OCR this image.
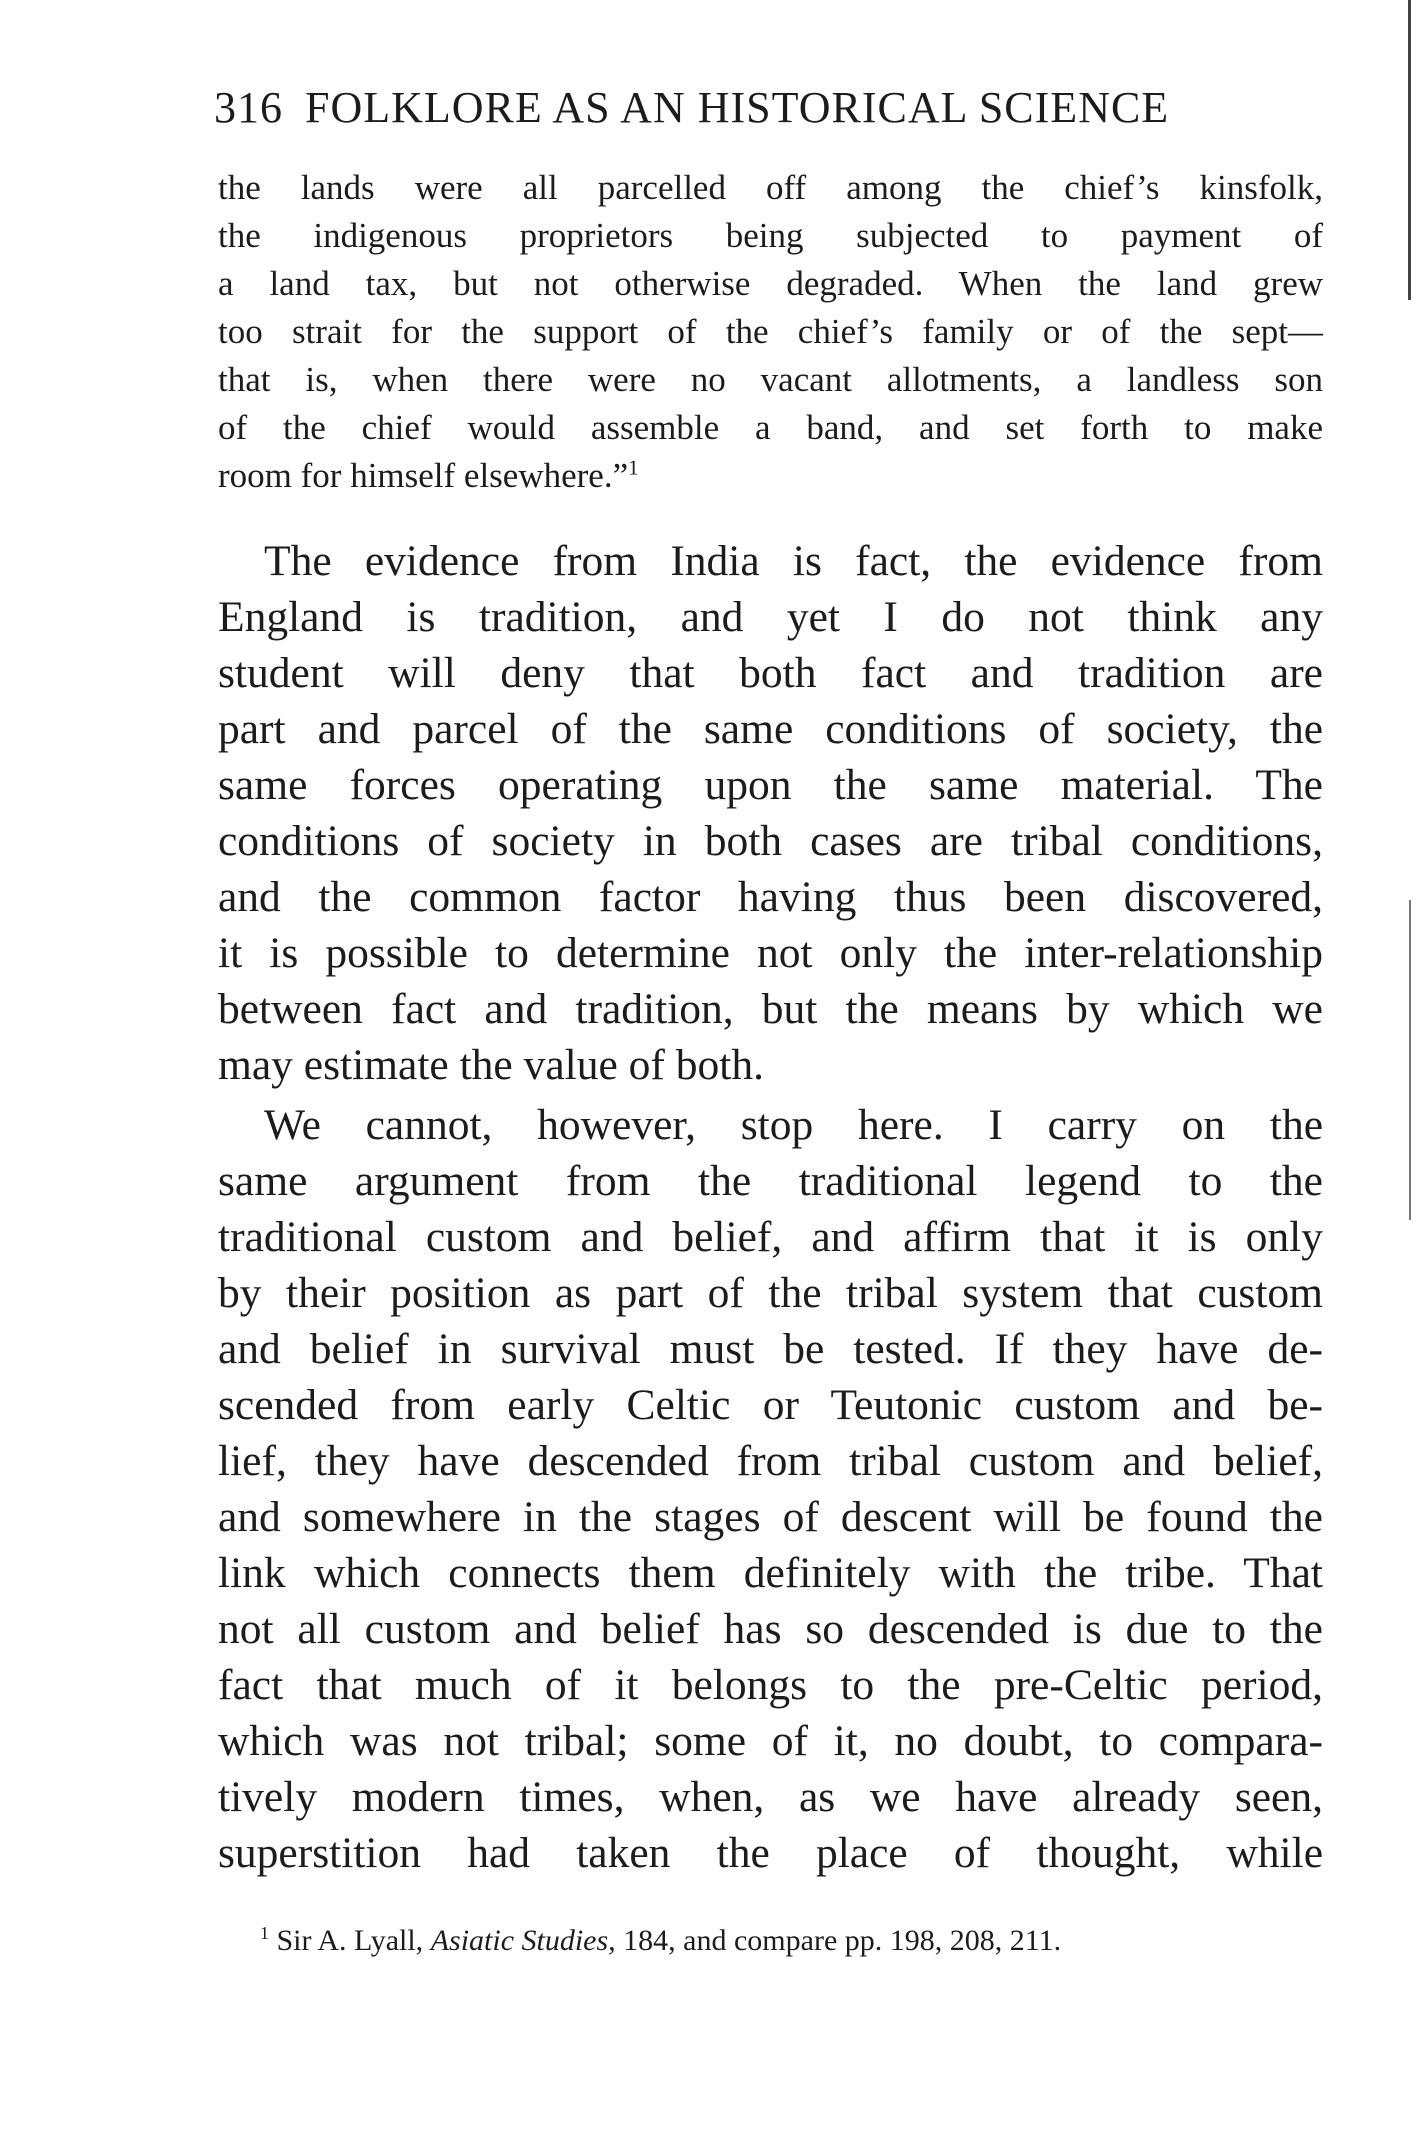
316 FOLKLORE AS AN HISTORICAL SCIENCE
the lands were all parcelled off among the chief’s kinsfolk,
the indigenous proprietors being subjected to payment of
a land tax, but not otherwise degraded. When the land grew
too strait for the support of the chief’s family or of the sept—
that is, when there were no vacant allotments, a landless son
of the chief would assemble a band, and set forth to make
room for himself elsewhere.”$^1$
The evidence from India is fact, the evidence from
England is tradition, and yet I do not think any
student will deny that both fact and tradition are
part and parcel of the same conditions of society, the
same forces operating upon the same material. The
conditions of society in both cases are tribal conditions,
and the common factor having thus been discovered,
it is possible to determine not only the inter-relationship
between fact and tradition, but the means by which we
may estimate the value of both.
We cannot, however, stop here. I carry on the
same argument from the traditional legend to the
traditional custom and belief, and affirm that it is only
by their position as part of the tribal system that custom
and belief in survival must be tested. If they have de-
scended from early Celtic or Teutonic custom and be-
lief, they have descended from tribal custom and belief,
and somewhere in the stages of descent will be found the
link which connects them definitely with the tribe. That
not all custom and belief has so descended is due to the
fact that much of it belongs to the pre-Celtic period,
which was not tribal; some of it, no doubt, to compara-
tively modern times, when, as we have already seen,
superstition had taken the place of thought, while
$^1$ Sir A. Lyall, Asiatic Studies, 184, and compare pp. 198, 208, 211.
